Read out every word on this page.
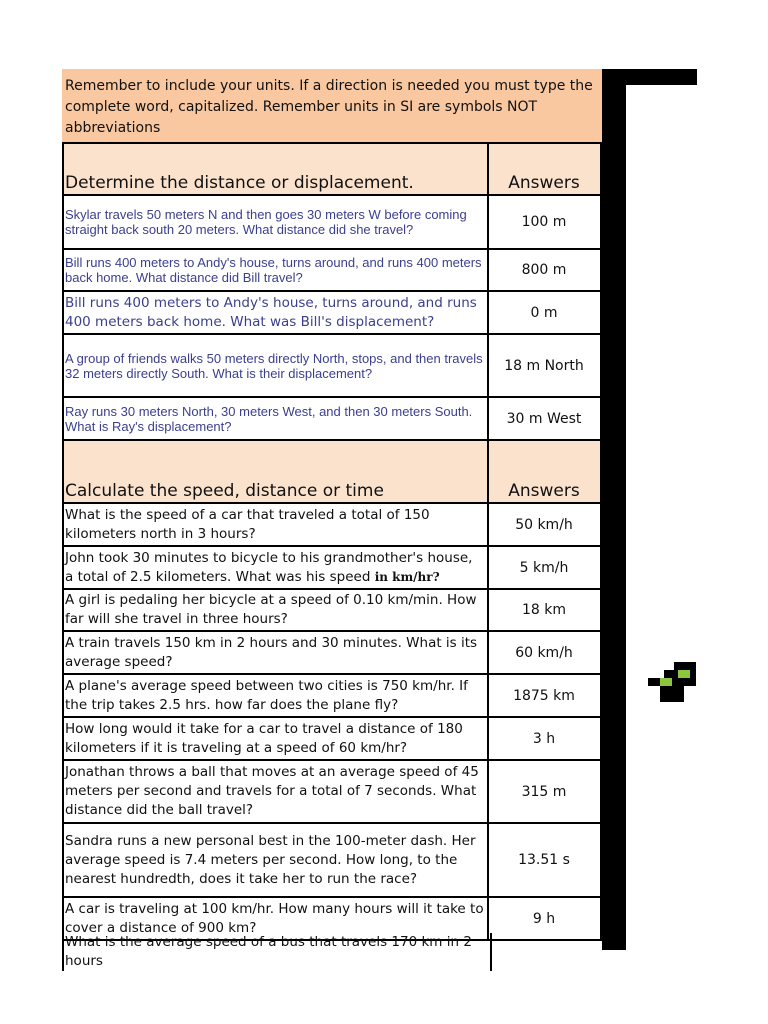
Remember to include your units. If a direction is needed you must type the complete word, capitalized. Remember units in SI are symbols NOT abbreviations
Determine the distance or displacement.	Answers
Skylar travels 50 meters N and then goes 30 meters W before coming straight back south 20 meters. What distance did she travel?	100 m
Bill runs 400 meters to Andy's house, turns around, and runs 400 meters back home. What distance did Bill travel?	800 m
Bill runs 400 meters to Andy's house, turns around, and runs 400 meters back home. What was Bill's displacement?	0 m
A group of friends walks 50 meters directly North, stops, and then travels 32 meters directly South. What is their displacement?	18 m North
Ray runs 30 meters North, 30 meters West, and then 30 meters South. What is Ray's displacement?	30 m West
Calculate the speed, distance or time	Answers
What is the speed of a car that traveled a total of 150 kilometers north in 3 hours?	50 km/h
John took 30 minutes to bicycle to his grandmother's house, a total of 2.5 kilometers. What was his speed in km/hr?	5 km/h
A girl is pedaling her bicycle at a speed of 0.10 km/min. How far will she travel in three hours?	18 km
A train travels 150 km in 2 hours and 30 minutes. What is its average speed?	60 km/h
A plane's average speed between two cities is 750 km/hr. If the trip takes 2.5 hrs. how far does the plane fly?	1875 km
How long would it take for a car to travel a distance of 180 kilometers if it is traveling at a speed of 60 km/hr?	3 h
Jonathan throws a ball that moves at an average speed of 45 meters per second and travels for a total of 7 seconds. What distance did the ball travel?	315 m
Sandra runs a new personal best in the 100-meter dash. Her average speed is 7.4 meters per second. How long, to the nearest hundredth, does it take her to run the race?	13.51 s
A car is traveling at 100 km/hr. How many hours will it take to cover a distance of 900 km?	9 h
What is the average speed of a bus that travels 170 km in 2 hours
